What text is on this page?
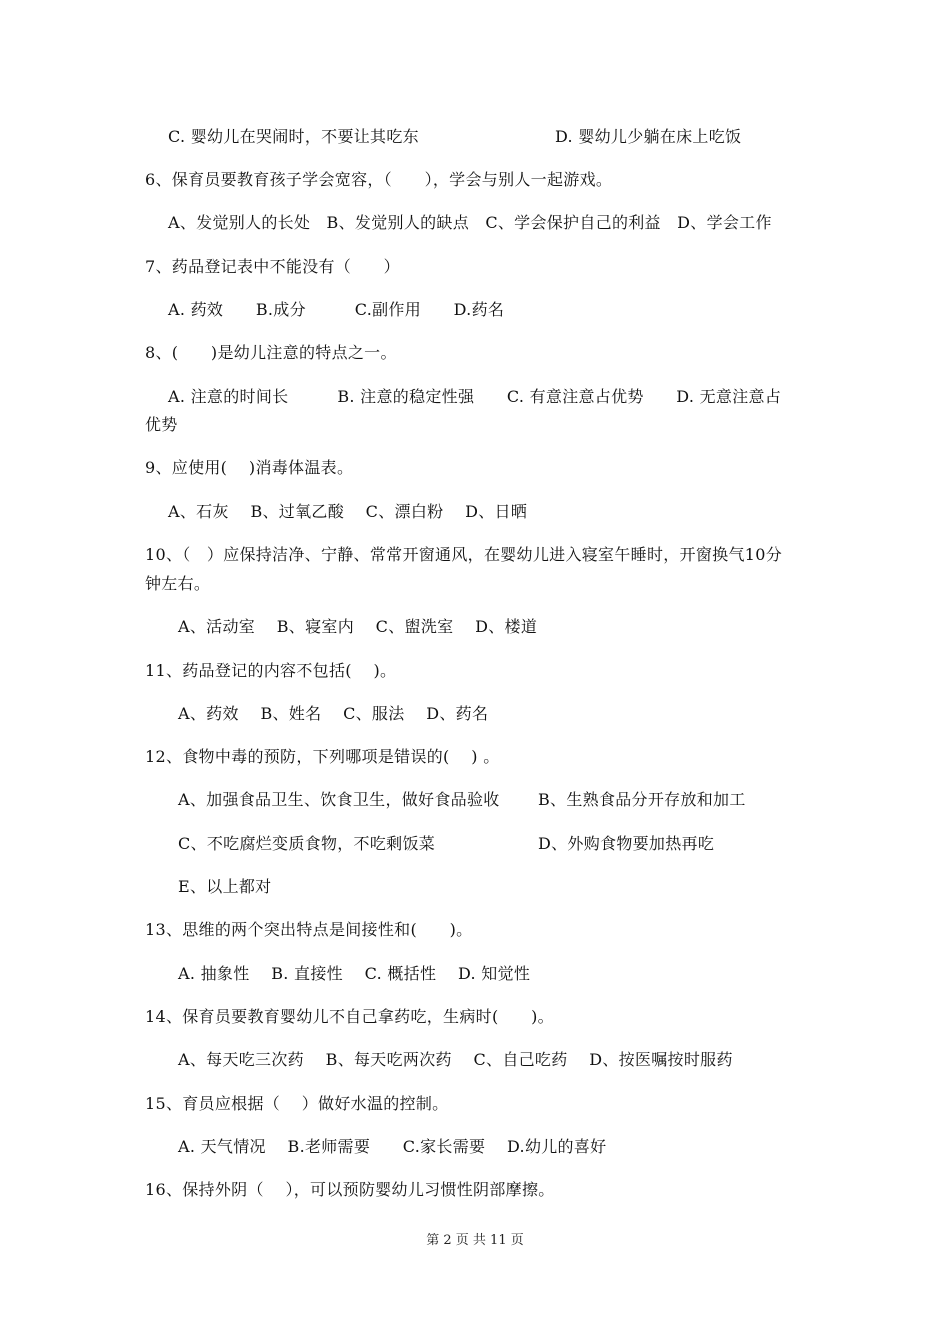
C. 婴幼儿在哭闹时，不要让其吃东	D. 婴幼儿少躺在床上吃饭
6、保育员要教育孩子学会宽容，（　　），学会与别人一起游戏。
A、发觉别人的长处　B、发觉别人的缺点　C、学会保护自己的利益　D、学会工作
7、药品登记表中不能没有（　　）
A. 药效　　B.成分　　　C.副作用　　D.药名
8、(　　)是幼儿注意的特点之一。
A. 注意的时间长　　　B. 注意的稳定性强　　C. 有意注意占优势　　D. 无意注意占
优势
9、应使用(　 )消毒体温表。
A、石灰　 B、过氧乙酸　 C、漂白粉　 D、日晒
10、（　）应保持洁净、宁静、常常开窗通风，在婴幼儿进入寝室午睡时，开窗换气10分
钟左右。
A、活动室　 B、寝室内　 C、盥洗室　 D、楼道
11、药品登记的内容不包括(　 )。
A、药效　 B、姓名　 C、服法　 D、药名
12、食物中毒的预防，下列哪项是错误的(　 ) 。
A、加强食品卫生、饮食卫生，做好食品验收 B、生熟食品分开存放和加工
C、不吃腐烂变质食物，不吃剩饭菜	D、外购食物要加热再吃
E、以上都对
13、思维的两个突出特点是间接性和(　　)。
A. 抽象性　 B. 直接性　 C. 概括性　 D. 知觉性
14、保育员要教育婴幼儿不自己拿药吃，生病时(　　)。
A、每天吃三次药　 B、每天吃两次药　 C、自己吃药　 D、按医嘱按时服药
15、育员应根据（　 ）做好水温的控制。
A. 天气情况　 B.老师需要　　C.家长需要　 D.幼儿的喜好
16、保持外阴（　 ），可以预防婴幼儿习惯性阴部摩擦。
第 2 页 共 11 页
